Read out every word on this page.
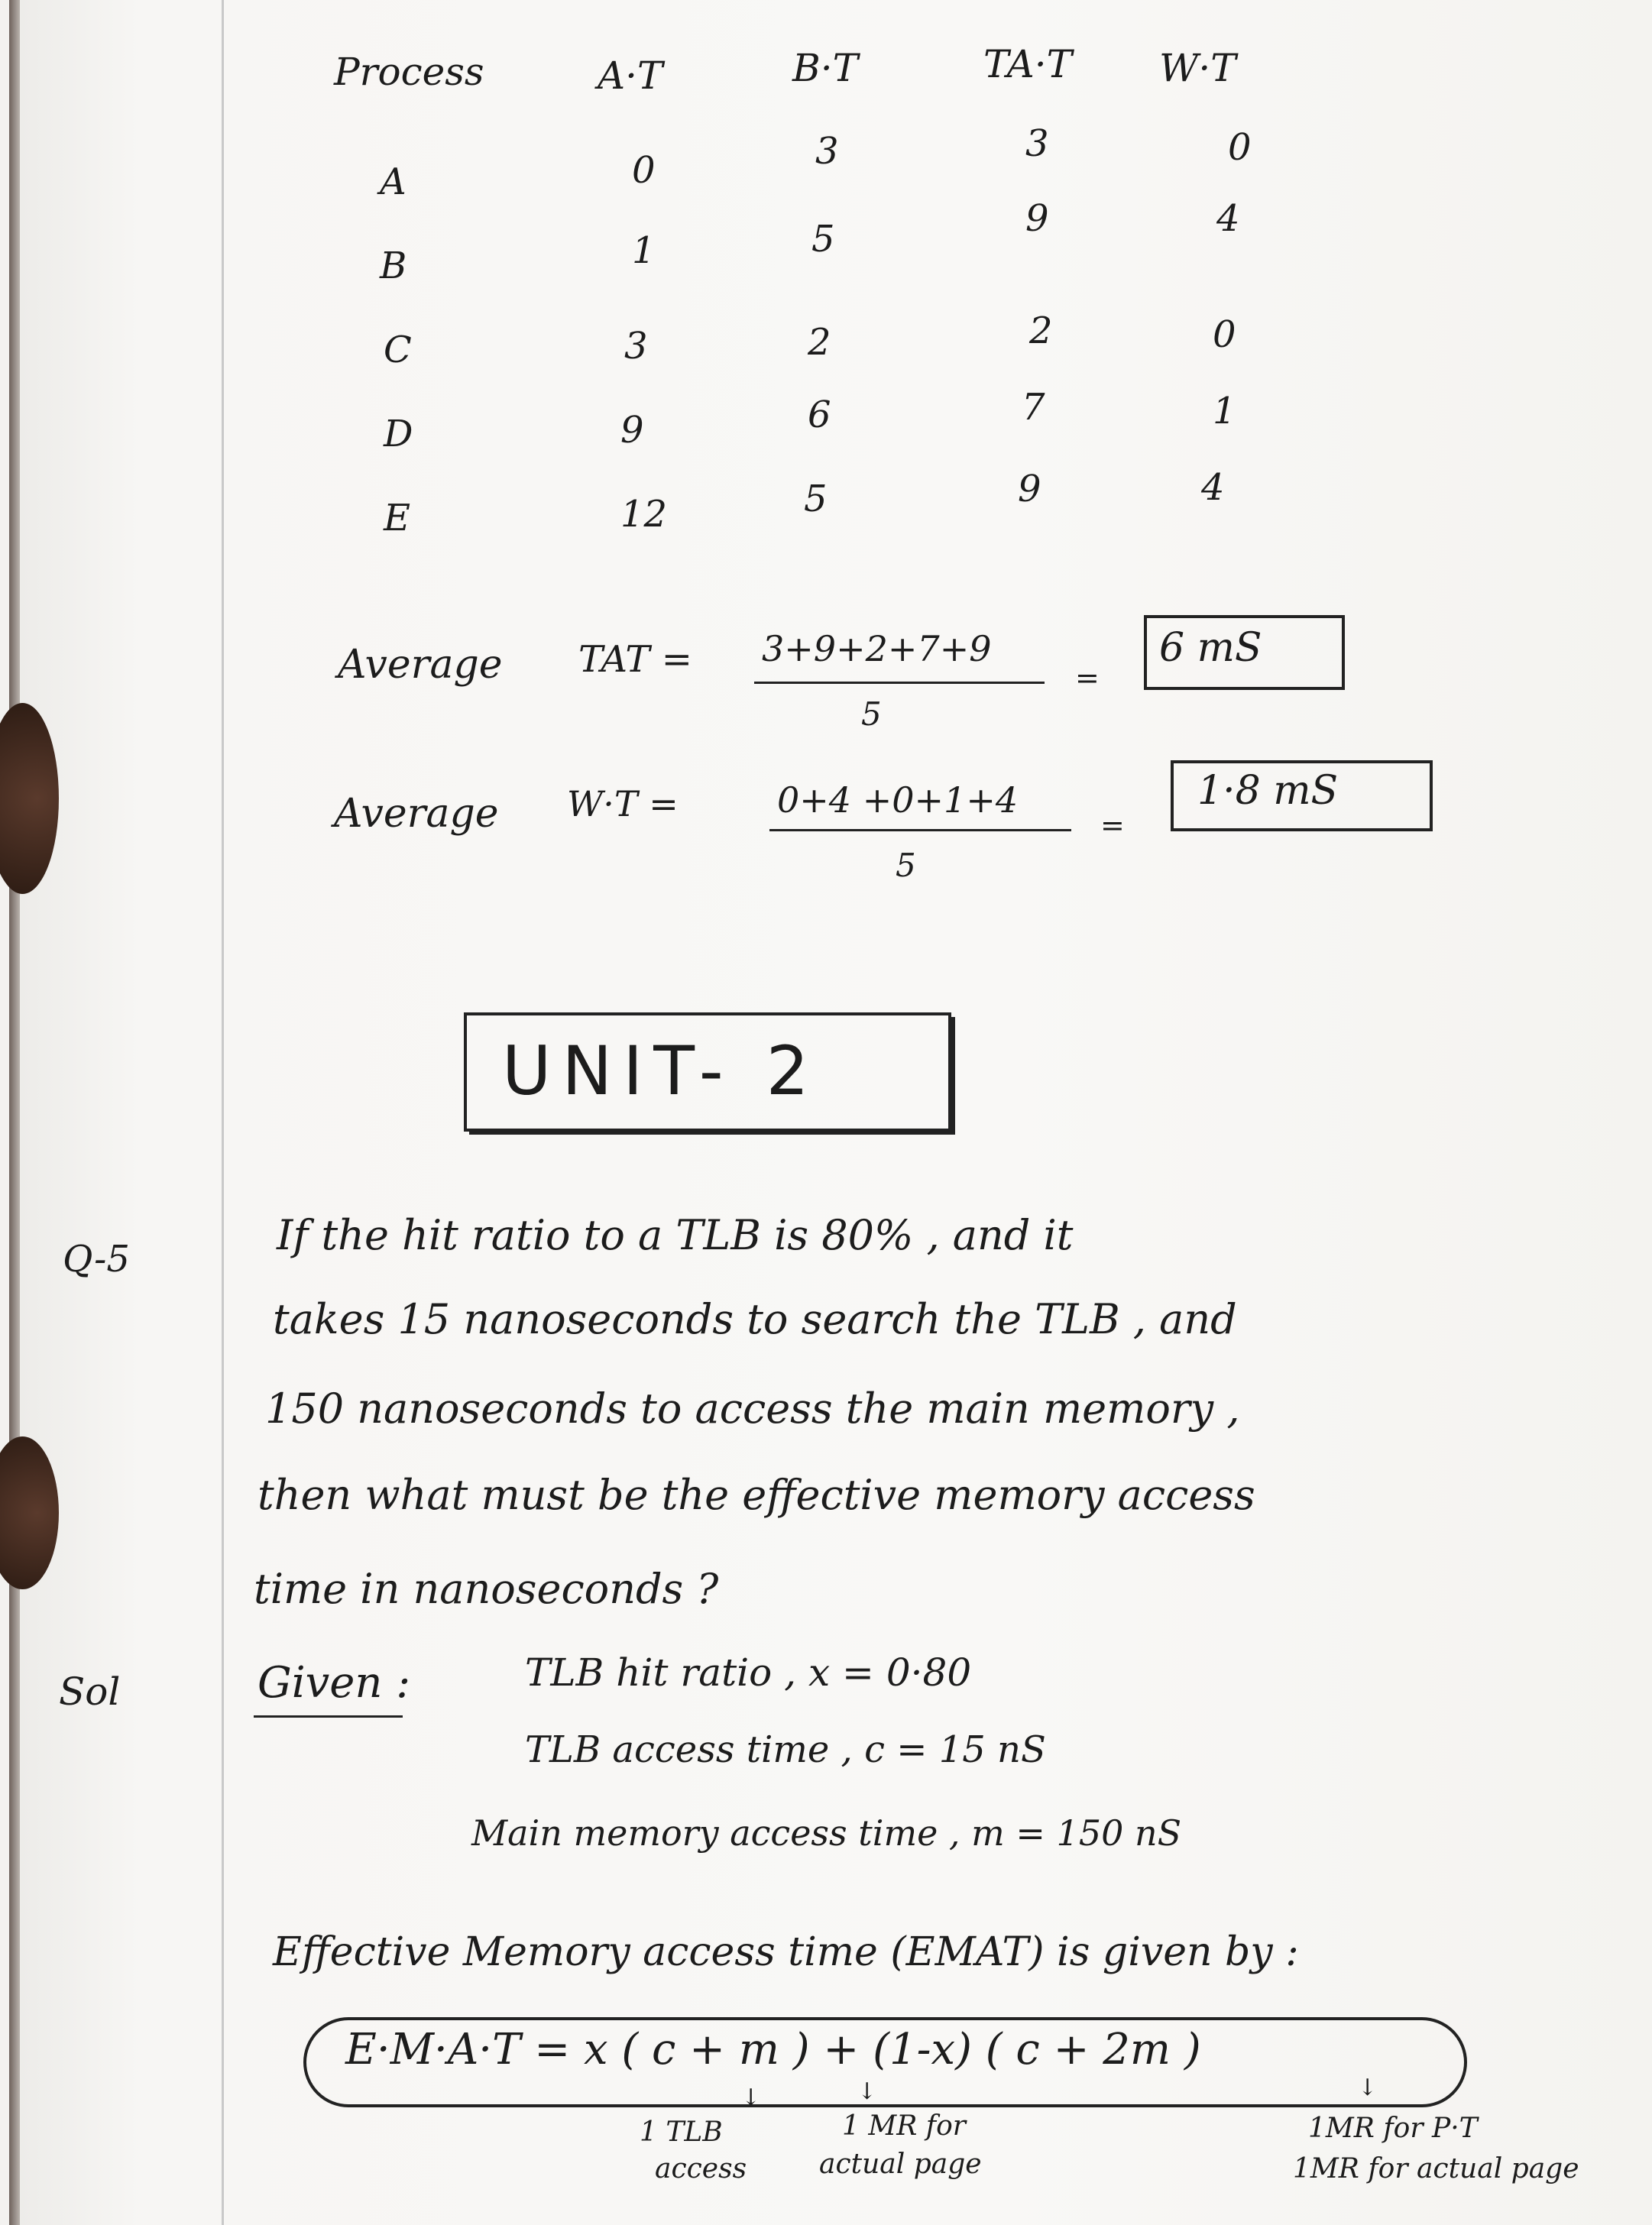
Process	A·T	B·T	TA·T W·T
A	0	3	3	0
B	1	5	9	4
C	3	2	2	0
D	9	6	7	1
E	12	5	9	4
Average TAT = 3+9+2+7+9
5
=
6 mS
Average W·T =	0+4 +0+1+4
5
=
1·8 mS
UNIT- 2
Q-5	If the hit ratio to a TLB is 80% , and it
takes 15 nanoseconds to search the TLB , and
150 nanoseconds to access the main memory ,
then what must be the effective memory access
time in nanoseconds ?
Sol	Given :	TLB hit ratio , x = 0·80
TLB access time , c = 15 nS
Main memory access time , m = 150 nS
Effective Memory access time (EMAT) is given by :
E·M·A·T = x ( c + m ) + (1-x) ( c + 2m )
↓	↓	↓
1 TLB
access
1 MR for
actual page
1MR for P·T
1MR for actual page
